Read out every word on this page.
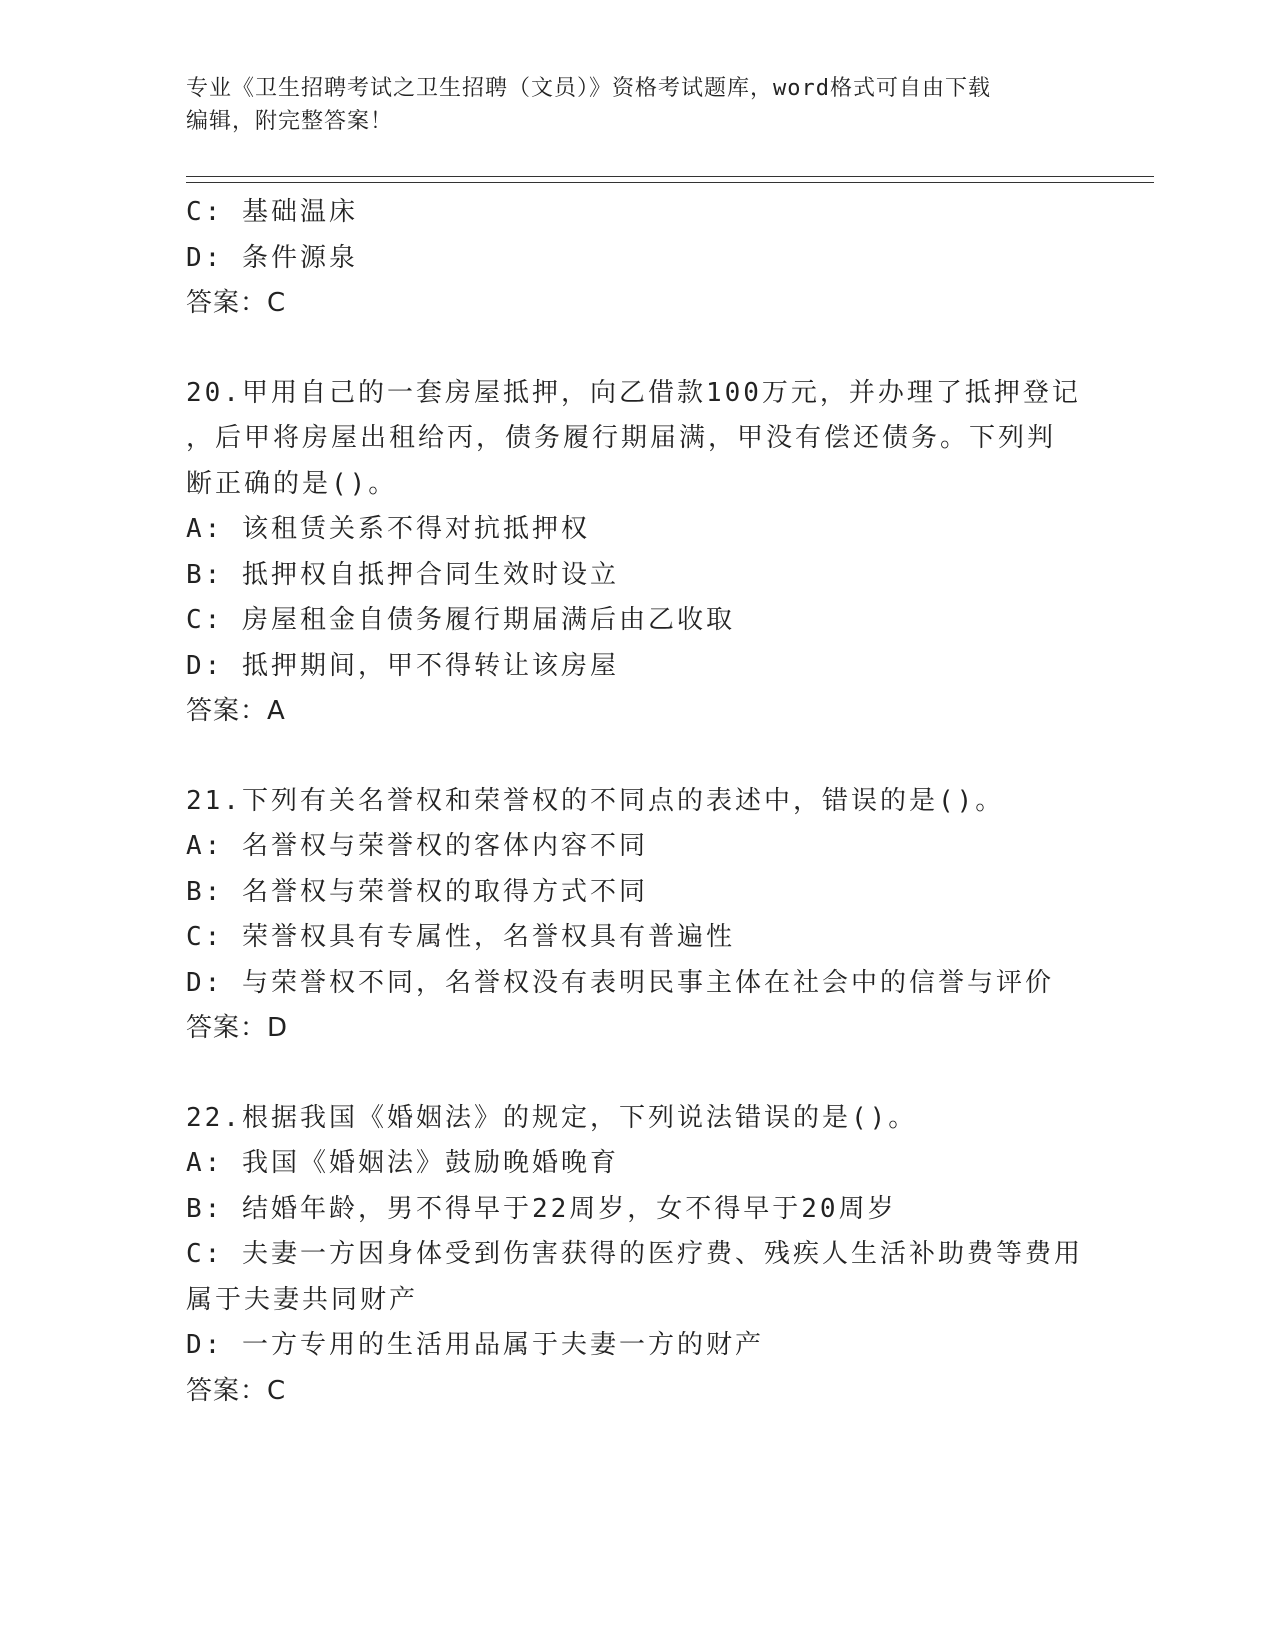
专业《卫生招聘考试之卫生招聘（文员）》资格考试题库，word格式可自由下载
编辑，附完整答案！
C: 基础温床
D: 条件源泉
答案：C
20.甲用自己的一套房屋抵押，向乙借款100万元，并办理了抵押登记
，后甲将房屋出租给丙，债务履行期届满，甲没有偿还债务。下列判
断正确的是()。
A: 该租赁关系不得对抗抵押权
B: 抵押权自抵押合同生效时设立
C: 房屋租金自债务履行期届满后由乙收取
D: 抵押期间，甲不得转让该房屋
答案：A
21.下列有关名誉权和荣誉权的不同点的表述中，错误的是()。
A: 名誉权与荣誉权的客体内容不同
B: 名誉权与荣誉权的取得方式不同
C: 荣誉权具有专属性，名誉权具有普遍性
D: 与荣誉权不同，名誉权没有表明民事主体在社会中的信誉与评价
答案：D
22.根据我国《婚姻法》的规定，下列说法错误的是()。
A: 我国《婚姻法》鼓励晚婚晚育
B: 结婚年龄，男不得早于22周岁，女不得早于20周岁
C: 夫妻一方因身体受到伤害获得的医疗费、残疾人生活补助费等费用
属于夫妻共同财产
D: 一方专用的生活用品属于夫妻一方的财产
答案：C
